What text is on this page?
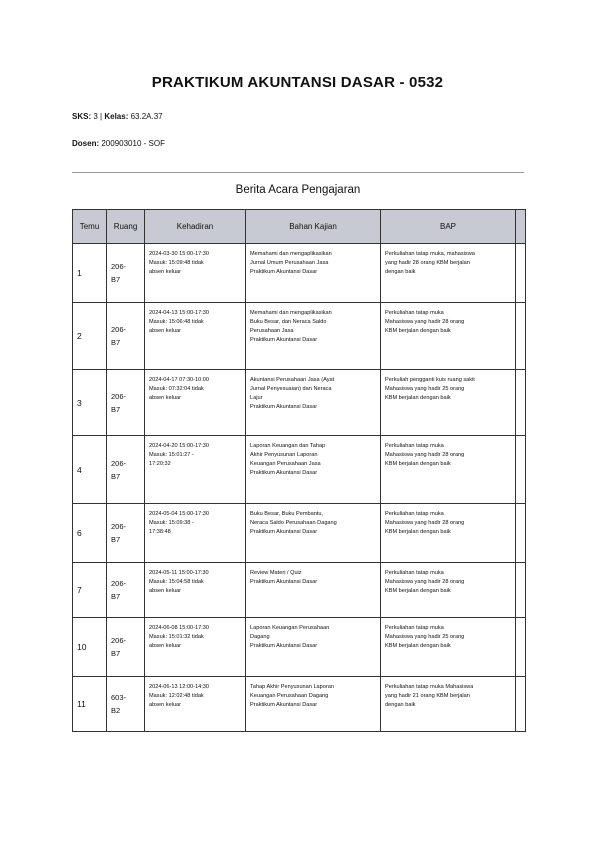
PRAKTIKUM AKUNTANSI DASAR - 0532
SKS: 3 | Kelas: 63.2A.37
Dosen: 200903010 - SOF
Berita Acara Pengajaran
Temu	Ruang	Kehadiran	Bahan Kajian	BAP	
1	206-
B7	2024-03-30 15:00-17:30
Masuk: 15:09:48 tidak
absen keluar	Memahami dan mengaplikasikan
Jurnal Umum Perusahaan Jasa
Praktikum Akuntansi Dasar	Perkuliahan tatap muka, mahasiswa
yang hadir 28 orang KBM berjalan
dengan baik	

2	206-
B7	2024-04-13 15:00-17:30
Masuk: 15:06:48 tidak
absen keluar	Memahami dan mengaplikasikan
Buku Besar, dan Neraca Saldo
Perusahaan Jasa
Praktikum Akuntansi Dasar	Perkuliahan tatap muka
Mahasiswa yang hadir 28 orang
KBM berjalan dengan baik	

3	206-
B7	2024-04-17 07:30-10:00
Masuk: 07:32:04 tidak
absen keluar	Akuntansi Perusahaan Jasa (Ayat
Jurnal Penyesuaian) dan Neraca
Lajur
Praktikum Akuntansi Dasar	Perkuliah pengganti kuis ruang sakit
Mahasiswa yang hadir 25 orang
KBM berjalan dengan baik	

4	206-
B7	2024-04-20 15:00-17:30
Masuk: 15:01:27 -
17:20:32	Laporan Keuangan dan Tahap
Akhir Penyusunan Laporan
Keuangan Perusahaan Jasa
Praktikum Akuntansi Dasar	Perkuliahan tatap muka
Mahasiswa yang hadir 28 orang
KBM berjalan dengan baik	

6	206-
B7	2024-05-04 15:00-17:30
Masuk: 15:09:38 -
17:38:48	Buku Besar, Buku Pembantu,
Neraca Saldo Perusahaan Dagang
Praktikum Akuntansi Dasar	Perkuliahan tatap muka
Mahasiswa yang hadir 28 orang
KBM berjalan dengan baik	

7	206-
B7	2024-05-11 15:00-17:30
Masuk: 15:04:58 tidak
absen keluar	Review Materi / Quiz
Praktikum Akuntansi Dasar	Perkuliahan tatap muka
Mahasiswa yang hadir 28 orang
KBM berjalan dengan baik	

10	206-
B7	2024-06-08 15:00-17:30
Masuk: 15:01:32 tidak
absen keluar	Laporan Keuangan Perusahaan
Dagang
Praktikum Akuntansi Dasar	Perkuliahan tatap muka
Mahasiswa yang hadir 25 orang
KBM berjalan dengan baik	

11	603-
B2	2024-06-13 12:00-14:30
Masuk: 12:02:48 tidak
absen keluar	Tahap Akhir Penyusunan Laporan
Keuangan Perusahaan Dagang
Praktikum Akuntansi Dasar	Perkuliahan tatap muka Mahasiswa
yang hadir 21 orang KBM berjalan
dengan baik	
